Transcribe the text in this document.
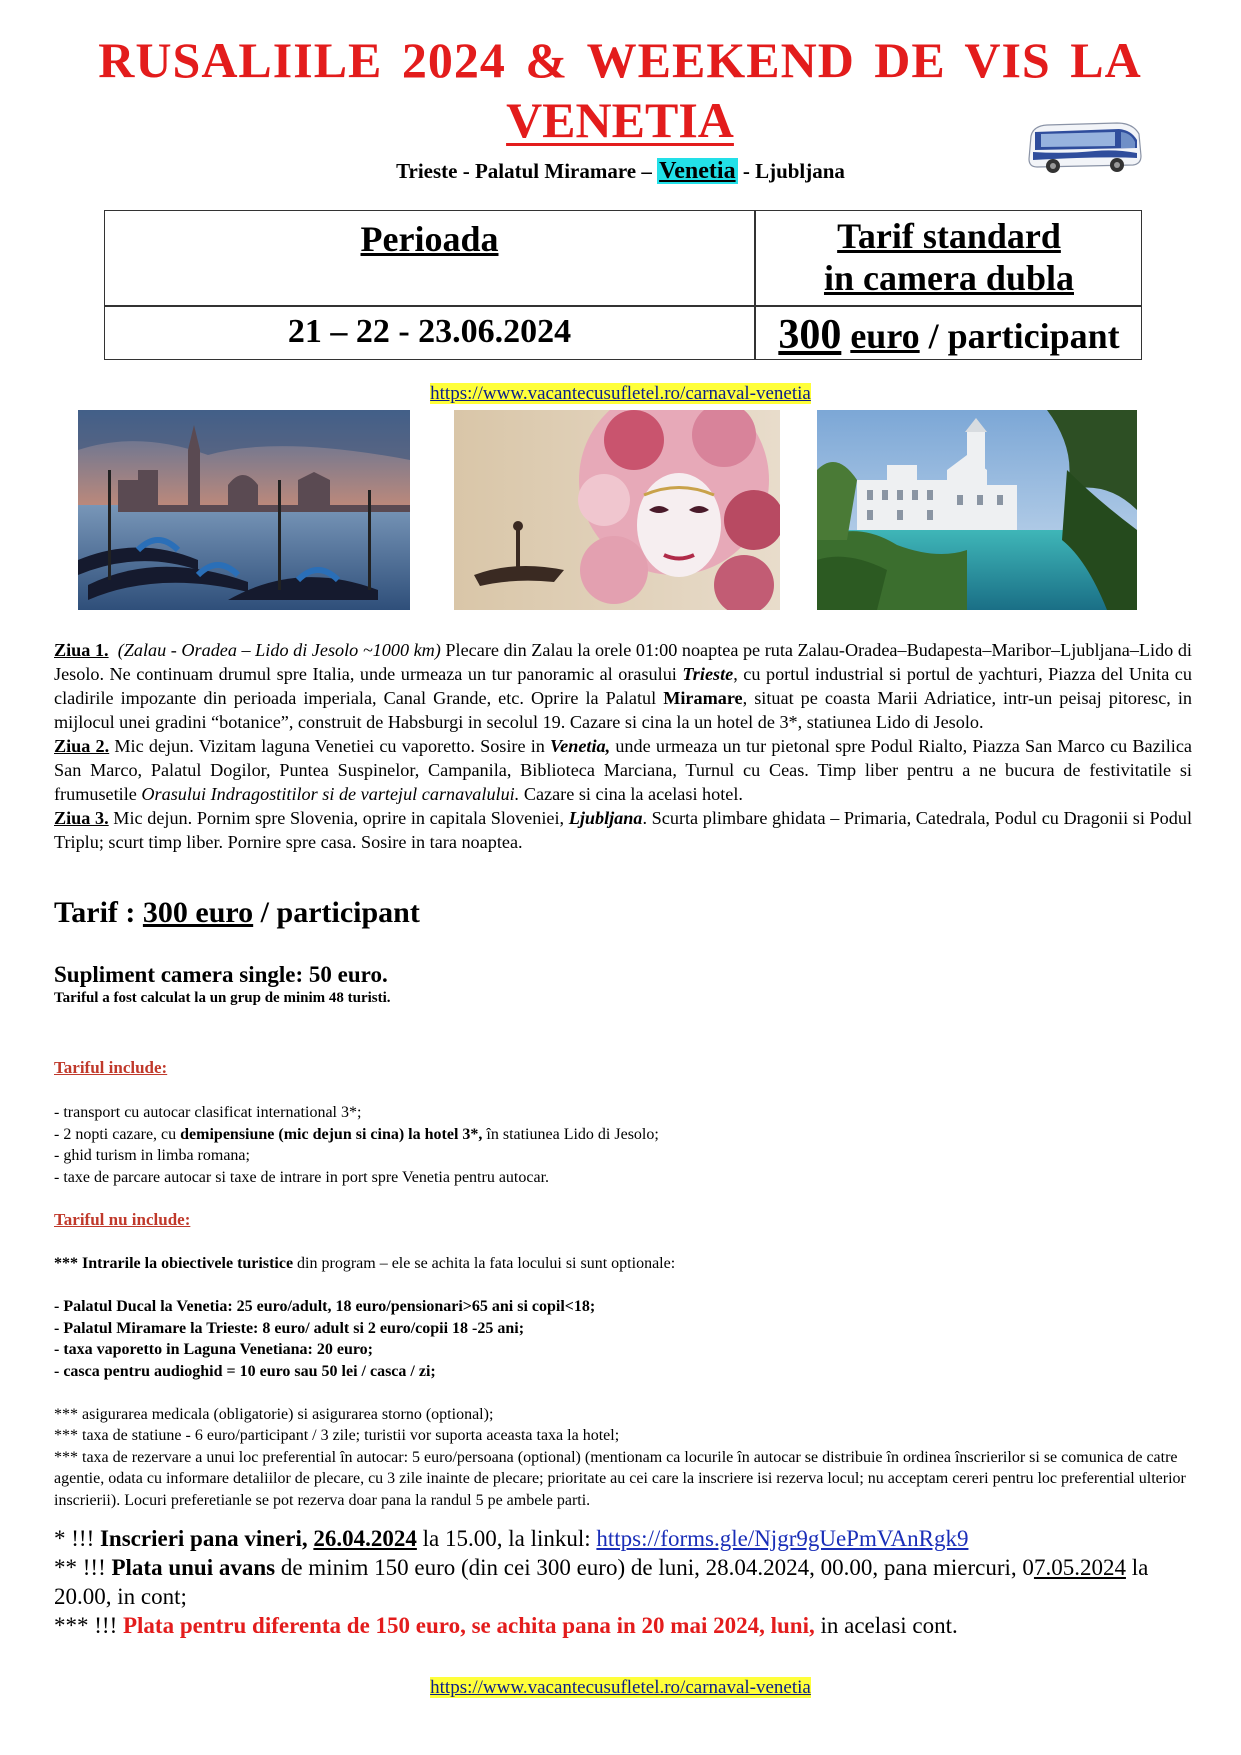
RUSALIILE 2024 & WEEKEND DE VIS LA
VENETIA
Trieste - Palatul Miramare – Venetia - Ljubljana
Perioada	Tarif standard
in camera dubla
21 – 22 - 23.06.2024	300 euro / participant
https://www.vacantecusufletel.ro/carnaval-venetia

Ziua 1. (Zalau - Oradea – Lido di Jesolo ~1000 km) Plecare din Zalau la orele 01:00 noaptea pe ruta Zalau-Oradea–Budapesta–Maribor–Ljubljana–Lido di Jesolo. Ne continuam drumul spre Italia, unde urmeaza un tur panoramic al orasului Trieste, cu portul industrial si portul de yachturi, Piazza del Unita cu cladirile impozante din perioada imperiala, Canal Grande, etc. Oprire la Palatul Miramare, situat pe coasta Marii Adriatice, intr-un peisaj pitoresc, in mijlocul unei gradini “botanice”, construit de Habsburgi in secolul 19. Cazare si cina la un hotel de 3*, statiunea Lido di Jesolo.

Ziua 2. Mic dejun. Vizitam laguna Venetiei cu vaporetto. Sosire in Venetia, unde urmeaza un tur pietonal spre Podul Rialto, Piazza San Marco cu Bazilica San Marco, Palatul Dogilor, Puntea Suspinelor, Campanila, Biblioteca Marciana, Turnul cu Ceas. Timp liber pentru a ne bucura de festivitatile si frumusetile Orasului Indragostitilor si de vartejul carnavalului. Cazare si cina la acelasi hotel.

Ziua 3. Mic dejun. Pornim spre Slovenia, oprire in capitala Sloveniei, Ljubljana. Scurta plimbare ghidata – Primaria, Catedrala, Podul cu Dragonii si Podul Triplu; scurt timp liber. Pornire spre casa. Sosire in tara noaptea.

Tarif : 300 euro / participant
Supliment camera single: 50 euro.
Tariful a fost calculat la un grup de minim 48 turisti.
Tariful include:

- transport cu autocar clasificat international 3*;

- 2 nopti cazare, cu demipensiune (mic dejun si cina) la hotel 3*, în statiunea Lido di Jesolo;

- ghid turism in limba romana;

- taxe de parcare autocar si taxe de intrare in port spre Venetia pentru autocar.

Tariful nu include:

*** Intrarile la obiectivele turistice din program – ele se achita la fata locului si sunt optionale:

- Palatul Ducal la Venetia: 25 euro/adult, 18 euro/pensionari>65 ani si copil<18;

- Palatul Miramare la Trieste: 8 euro/ adult si 2 euro/copii 18 -25 ani;

- taxa vaporetto in Laguna Venetiana: 20 euro;

- casca pentru audioghid = 10 euro sau 50 lei / casca / zi;

*** asigurarea medicala (obligatorie) si asigurarea storno (optional);

*** taxa de statiune - 6 euro/participant / 3 zile; turistii vor suporta aceasta taxa la hotel;

*** taxa de rezervare a unui loc preferential în autocar: 5 euro/persoana (optional) (mentionam ca locurile în autocar se distribuie în ordinea înscrierilor si se comunica de catre agentie, odata cu informare detaliilor de plecare, cu 3 zile inainte de plecare; prioritate au cei care la inscriere isi rezerva locul; nu acceptam cereri pentru loc preferential ulterior inscrierii). Locuri preferetianle se pot rezerva doar pana la randul 5 pe ambele parti.

* !!! Inscrieri pana vineri, 26.04.2024 la 15.00, la linkul: https://forms.gle/Njgr9gUePmVAnRgk9

** !!! Plata unui avans de minim 150 euro (din cei 300 euro) de luni, 28.04.2024, 00.00, pana miercuri, 07.05.2024 la 20.00, in cont;

*** !!! Plata pentru diferenta de 150 euro, se achita pana in 20 mai 2024, luni, in acelasi cont.

https://www.vacantecusufletel.ro/carnaval-venetia
